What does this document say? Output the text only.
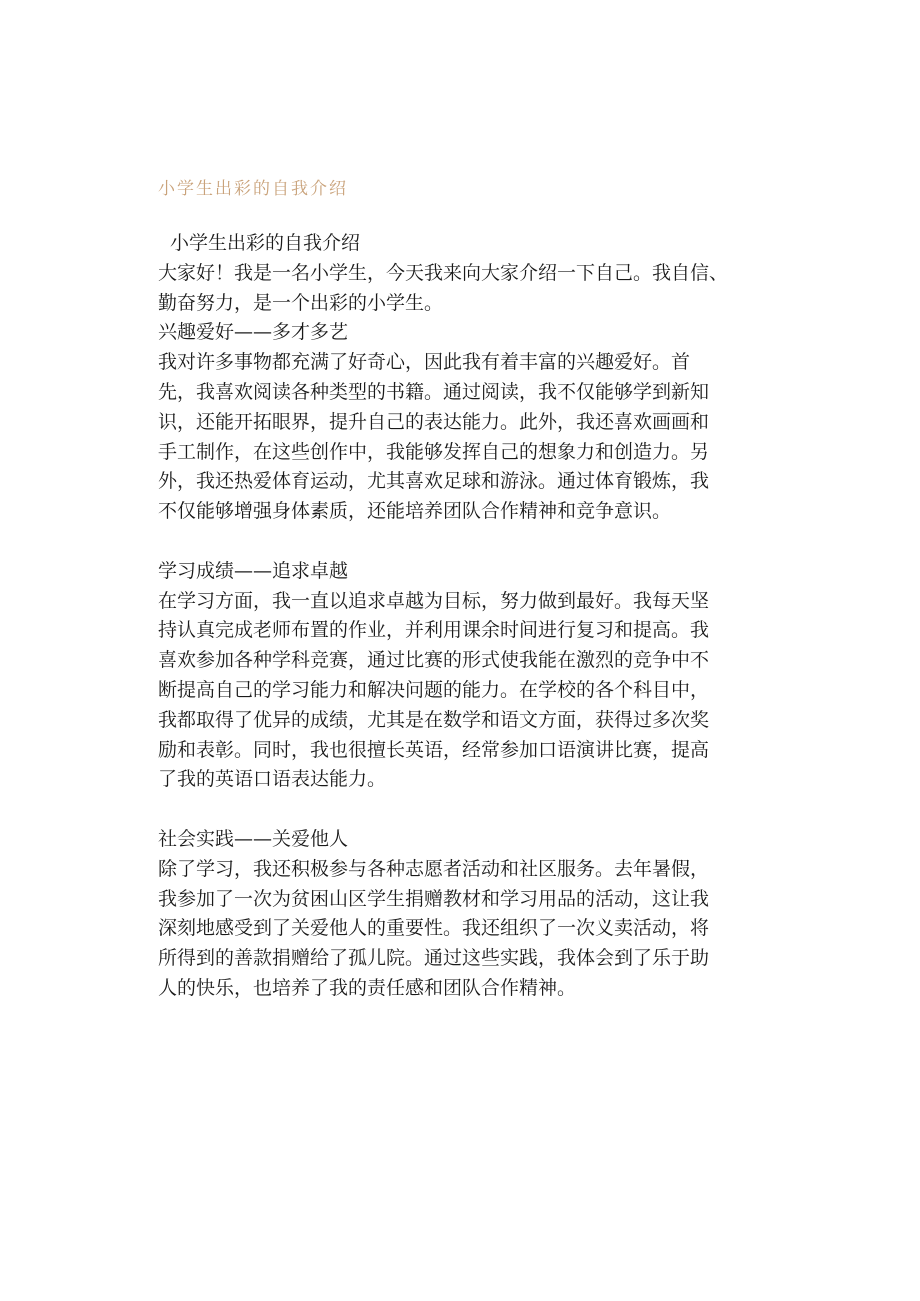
小学生出彩的自我介绍
小学生出彩的自我介绍
大家好！我是一名小学生，今天我来向大家介绍一下自己。我自信、
勤奋努力，是一个出彩的小学生。
兴趣爱好——多才多艺
我对许多事物都充满了好奇心，因此我有着丰富的兴趣爱好。首
先，我喜欢阅读各种类型的书籍。通过阅读，我不仅能够学到新知
识，还能开拓眼界，提升自己的表达能力。此外，我还喜欢画画和
手工制作，在这些创作中，我能够发挥自己的想象力和创造力。另
外，我还热爱体育运动，尤其喜欢足球和游泳。通过体育锻炼，我
不仅能够增强身体素质，还能培养团队合作精神和竞争意识。
学习成绩——追求卓越
在学习方面，我一直以追求卓越为目标，努力做到最好。我每天坚
持认真完成老师布置的作业，并利用课余时间进行复习和提高。我
喜欢参加各种学科竞赛，通过比赛的形式使我能在激烈的竞争中不
断提高自己的学习能力和解决问题的能力。在学校的各个科目中，
我都取得了优异的成绩，尤其是在数学和语文方面，获得过多次奖
励和表彰。同时，我也很擅长英语，经常参加口语演讲比赛，提高
了我的英语口语表达能力。
社会实践——关爱他人
除了学习，我还积极参与各种志愿者活动和社区服务。去年暑假，
我参加了一次为贫困山区学生捐赠教材和学习用品的活动，这让我
深刻地感受到了关爱他人的重要性。我还组织了一次义卖活动，将
所得到的善款捐赠给了孤儿院。通过这些实践，我体会到了乐于助
人的快乐，也培养了我的责任感和团队合作精神。
